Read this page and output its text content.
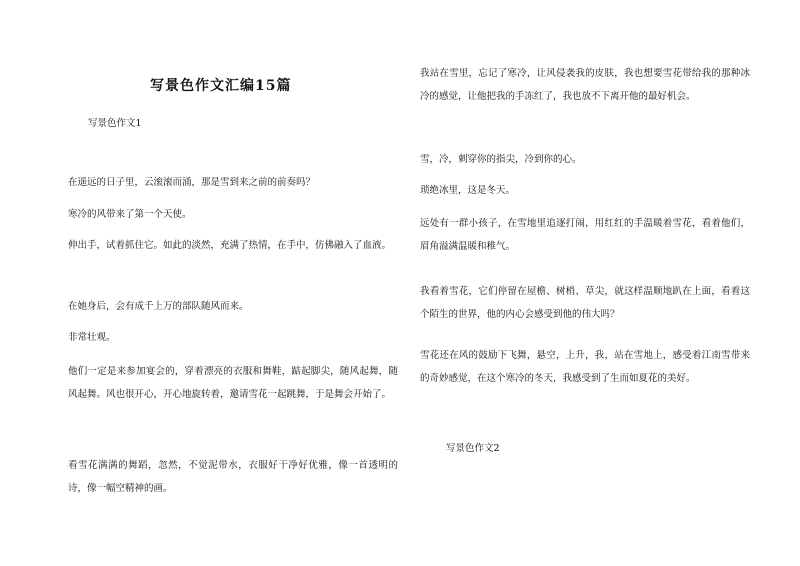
写景色作文汇编15篇
写景色作文1
在遥远的日子里，云滚滚而涌，那是雪到来之前的前奏吗？
寒冷的风带来了第一个天使。
伸出手，试着抓住它。如此的淡然，充满了热情，在手中，仿佛融入了血液。
在她身后，会有成千上万的部队随风而来。
非常壮观。
他们一定是来参加宴会的，穿着漂亮的衣服和舞鞋，踮起脚尖，随风起舞，随风起舞。风也很开心，开心地旋转着，邀请雪花一起跳舞，于是舞会开始了。
看雪花满满的舞蹈，忽然，不觉泥带水，衣服好干净好优雅，像一首透明的诗，像一幅空精神的画。
我站在雪里，忘记了寒冷，让风侵袭我的皮肤，我也想要雪花带给我的那种冰冷的感觉，让他把我的手冻红了，我也放不下离开他的最好机会。
雪，冷，刺穿你的指尖，冷到你的心。
琐绝冰里，这是冬天。
远处有一群小孩子，在雪地里追逐打闹，用红红的手温暖着雪花，看着他们，眉角溢满温暖和稚气。
我看着雪花，它们停留在屋檐、树梢、草尖，就这样温顺地趴在上面，看着这个陌生的世界，他的内心会感受到他的伟大吗？
雪花还在风的鼓励下飞舞，悬空，上升，我，站在雪地上，感受着江南雪带来的奇妙感觉，在这个寒冷的冬天，我感受到了生而如夏花的美好。
写景色作文2
